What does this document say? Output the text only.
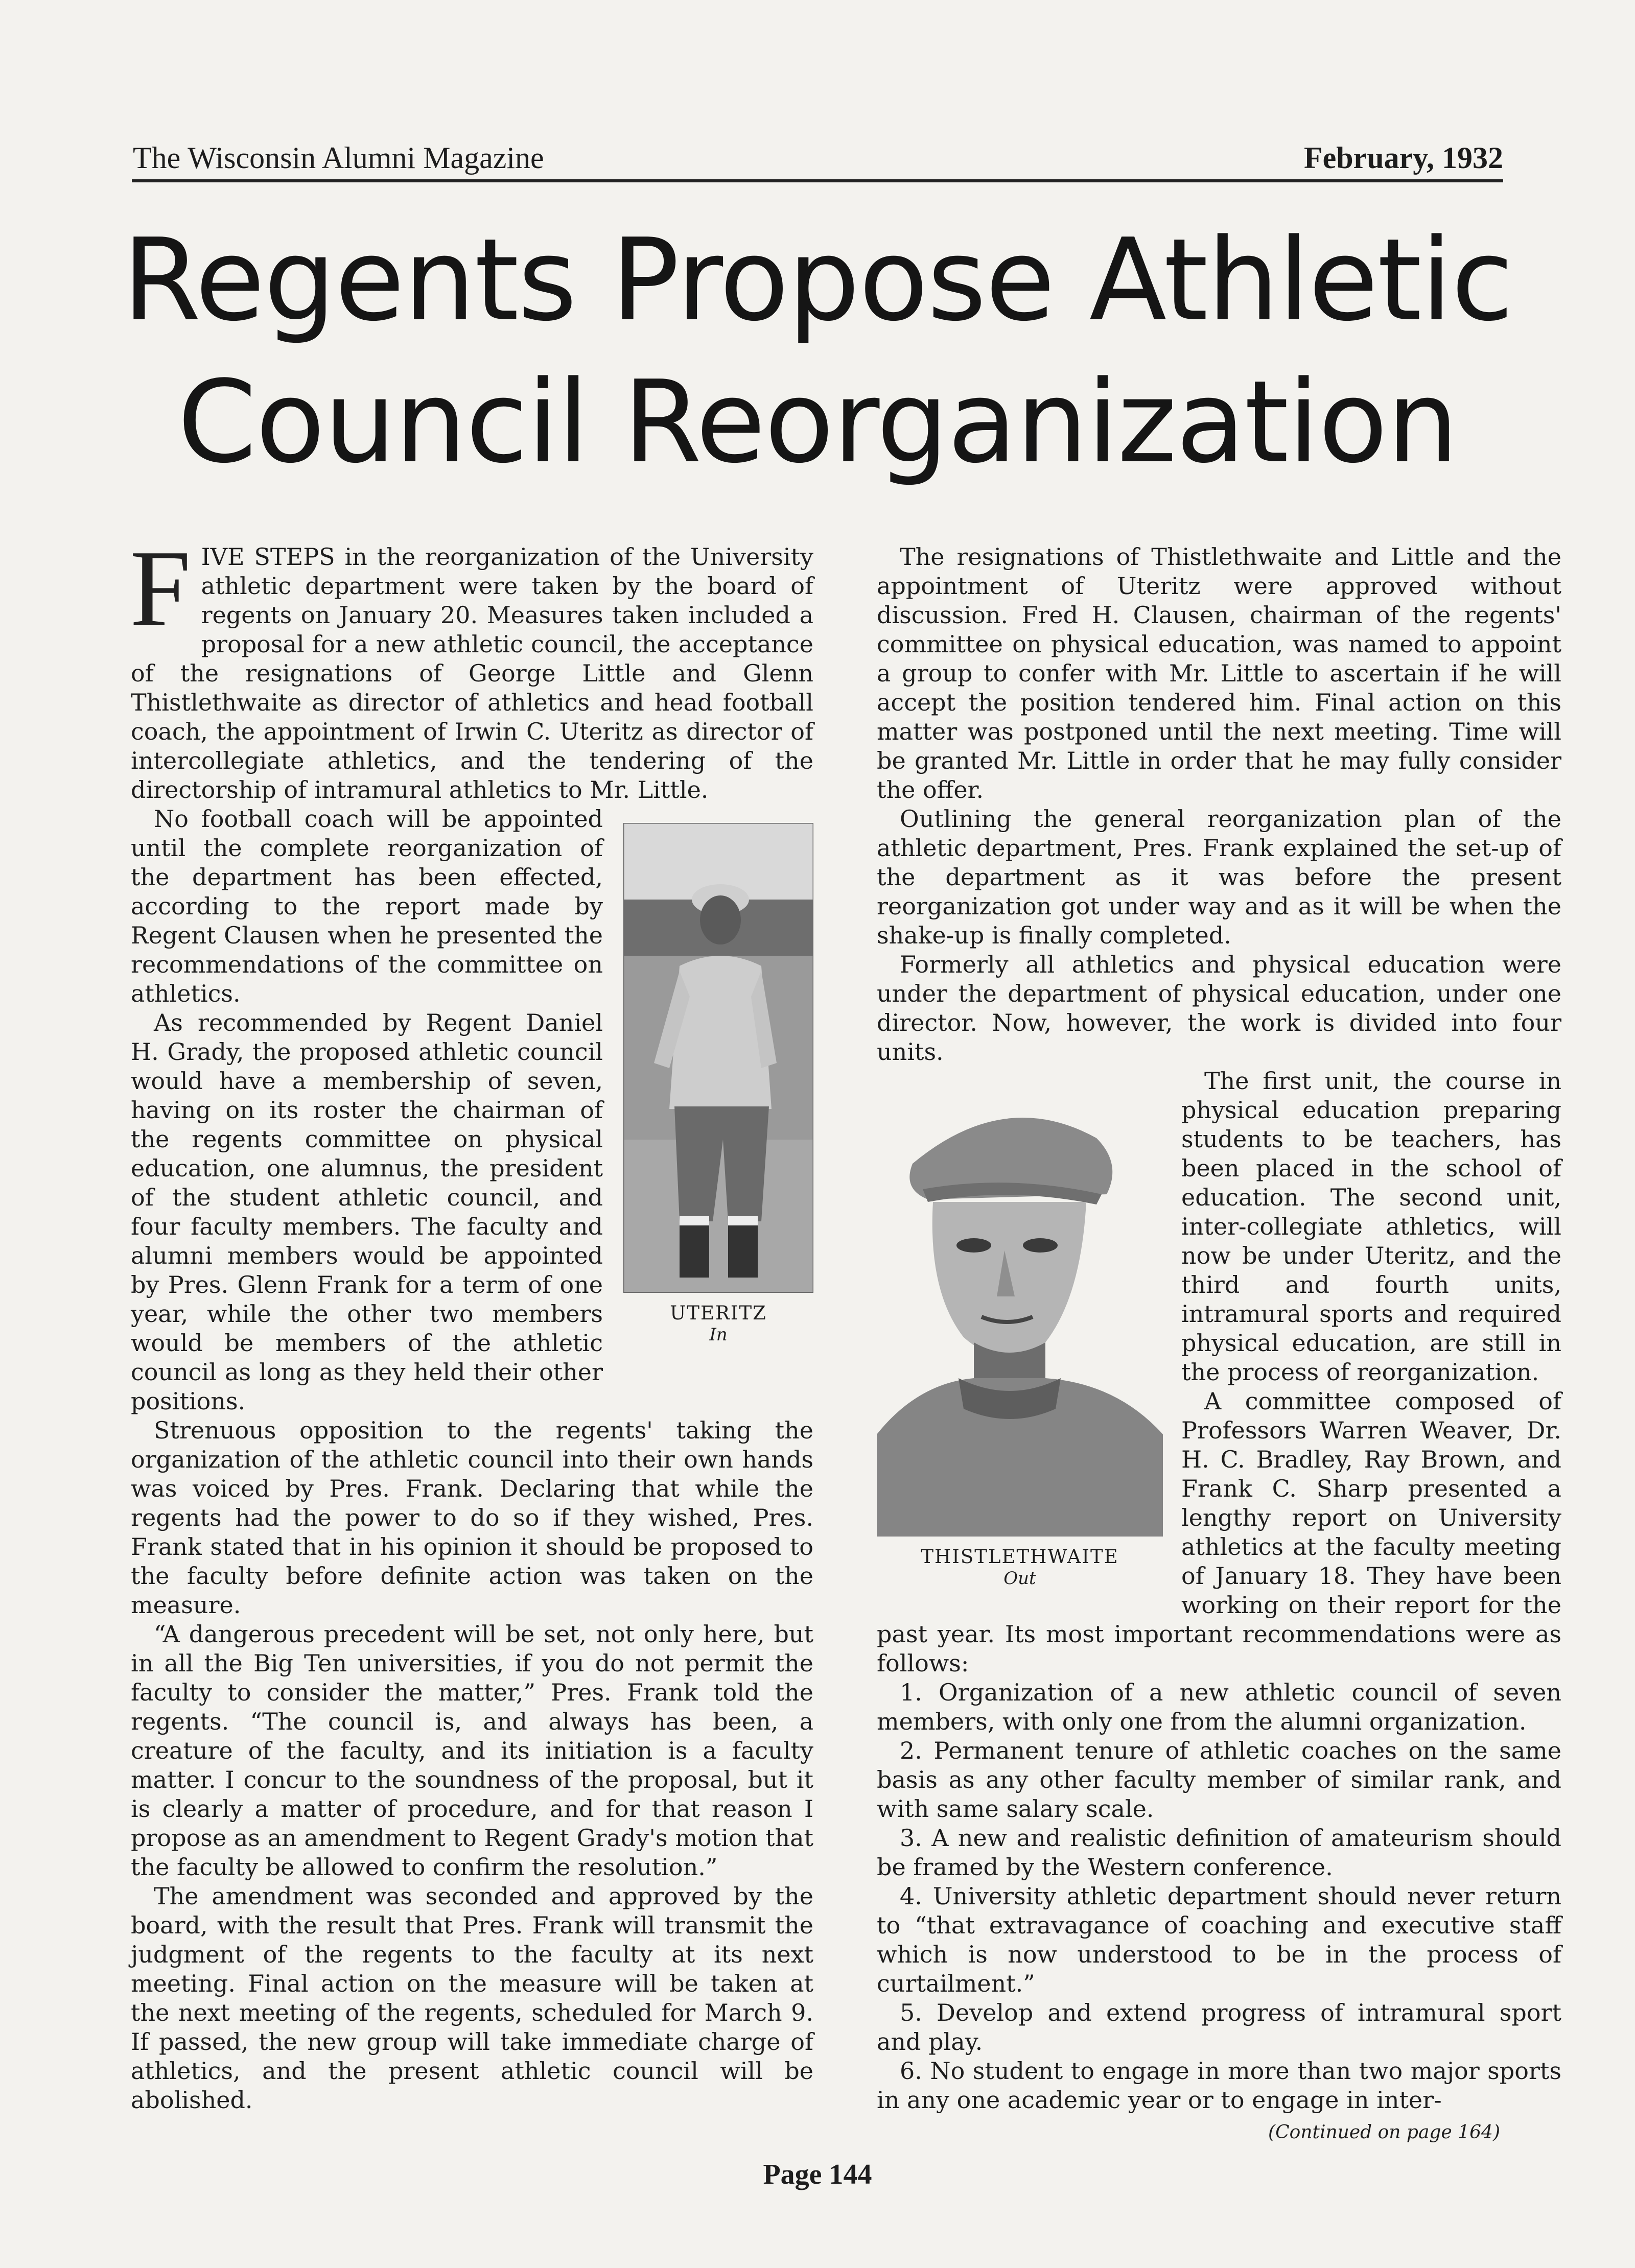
The Wisconsin Alumni Magazine	February, 1932
Regents Propose Athletic
Council Reorganization

FIVE STEPS in the reorganization of the University athletic department were taken by the board of regents on January 20. Measures taken included a proposal for a new athletic council, the acceptance of the resignations of George Little and Glenn Thistlethwaite as director of athletics and head football coach, the appointment of Irwin C. Uteritz as director of intercollegiate athletics, and the tendering of the directorship of intramural athletics to Mr. Little.

UTERITZ
In

No football coach will be appointed until the complete reorganization of the department has been effected, according to the report made by Regent Clausen when he presented the recommendations of the committee on athletics.

As recommended by Regent Daniel H. Grady, the proposed athletic council would have a membership of seven, having on its roster the chairman of the regents committee on physical education, one alumnus, the president of the student athletic council, and four faculty members. The faculty and alumni members would be appointed by Pres. Glenn Frank for a term of one year, while the other two members would be members of the athletic council as long as they held their other positions.

Strenuous opposition to the regents' taking the organization of the athletic council into their own hands was voiced by Pres. Frank. Declaring that while the regents had the power to do so if they wished, Pres. Frank stated that in his opinion it should be proposed to the faculty before definite action was taken on the measure.

“A dangerous precedent will be set, not only here, but in all the Big Ten universities, if you do not permit the faculty to consider the matter,” Pres. Frank told the regents. “The council is, and always has been, a creature of the faculty, and its initiation is a faculty matter. I concur to the soundness of the proposal, but it is clearly a matter of procedure, and for that reason I propose as an amendment to Regent Grady's motion that the faculty be allowed to confirm the resolution.”

The amendment was seconded and approved by the board, with the result that Pres. Frank will transmit the judgment of the regents to the faculty at its next meeting. Final action on the measure will be taken at the next meeting of the regents, scheduled for March 9. If passed, the new group will take immediate charge of athletics, and the present athletic council will be abolished.

The resignations of Thistlethwaite and Little and the appointment of Uteritz were approved without discussion. Fred H. Clausen, chairman of the regents' committee on physical education, was named to appoint a group to confer with Mr. Little to ascertain if he will accept the position tendered him. Final action on this matter was postponed until the next meeting. Time will be granted Mr. Little in order that he may fully consider the offer.

Outlining the general reorganization plan of the athletic department, Pres. Frank explained the set-up of the department as it was before the present reorganization got under way and as it will be when the shake-up is finally completed.

Formerly all athletics and physical education were under the department of physical education, under one director. Now, however, the work is divided into four units.

THISTLETHWAITE
Out

The first unit, the course in physical education preparing students to be teachers, has been placed in the school of education. The second unit, inter-collegiate athletics, will now be under Uteritz, and the third and fourth units, intramural sports and required physical education, are still in the process of reorganization.

A committee composed of Professors Warren Weaver, Dr. H. C. Bradley, Ray Brown, and Frank C. Sharp presented a lengthy report on University athletics at the faculty meeting of January 18. They have been working on their report for the past year. Its most important recommendations were as follows:

1. Organization of a new athletic council of seven members, with only one from the alumni organization.

2. Permanent tenure of athletic coaches on the same basis as any other faculty member of similar rank, and with same salary scale.

3. A new and realistic definition of amateurism should be framed by the Western conference.

4. University athletic department should never return to “that extravagance of coaching and executive staff which is now understood to be in the process of curtailment.”

5. Develop and extend progress of intramural sport and play.

6. No student to engage in more than two major sports in any one academic year or to engage in inter-

(Continued on page 164)
Page 144
